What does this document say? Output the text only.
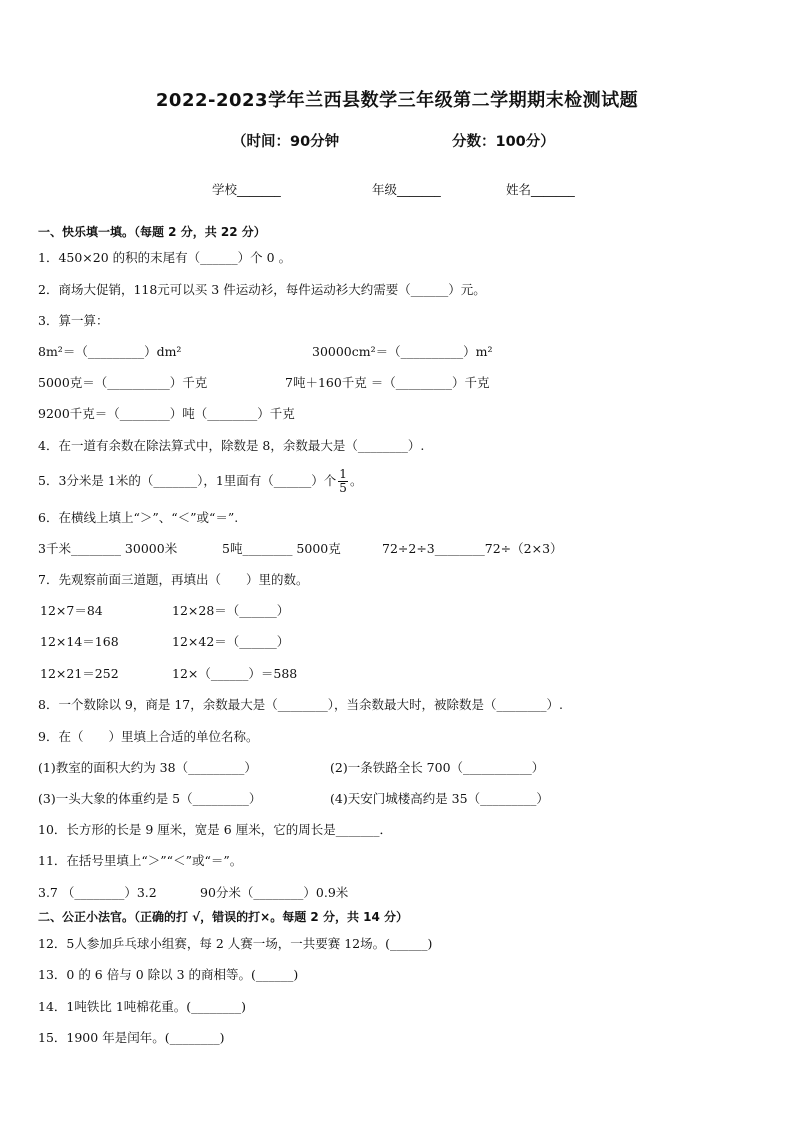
2022-2023学年兰西县数学三年级第二学期期末检测试题
（时间：90分钟	分数：100分）
学校_______	年级_______	姓名_______
一、快乐填一填。（每题 2 分，共 22 分）
1．450×20 的积的末尾有（______）个 0 。
2．商场大促销，118元可以买 3 件运动衫，每件运动衫大约需要（______）元。
3．算一算：
8m²＝（_________）dm²	30000cm²＝（__________）m²
5000克＝（__________）千克	7吨＋160千克 ＝（_________）千克
9200千克＝（________）吨（________）千克
4．在一道有余数在除法算式中，除数是 8，余数最大是（________）.
5．3分米是 1米的（_______），1里面有（______）个 $\frac{1}{5}$ 。
6．在横线上填上“＞”、“＜”或“＝”.
3千米________ 30000米	5吨________ 5000克	72÷2÷3________72÷（2×3）
7．先观察前面三道题，再填出（　　）里的数。
12×7＝84	12×28＝（______）
12×14＝168	12×42＝（______）
12×21＝252	12×（______）＝588
8．一个数除以 9，商是 17，余数最大是（________），当余数最大时，被除数是（________）.
9．在（　　）里填上合适的单位名称。
(1)教室的面积大约为 38（_________）	(2)一条铁路全长 700（___________）
(3)一头大象的体重约是 5（_________）	(4)天安门城楼高约是 35（_________）
10．长方形的长是 9 厘米，宽是 6 厘米，它的周长是_______．
11．在括号里填上“＞”“＜”或“＝”。
3.7 （________）3.2	90分米（________）0.9米
二、公正小法官。（正确的打 √，错误的打×。每题 2 分，共 14 分）
12．5人参加乒乓球小组赛，每 2 人赛一场，一共要赛 12场。(______)
13．0 的 6 倍与 0 除以 3 的商相等。(______)
14．1吨铁比 1吨棉花重。(________)
15．1900 年是闰年。(________)
